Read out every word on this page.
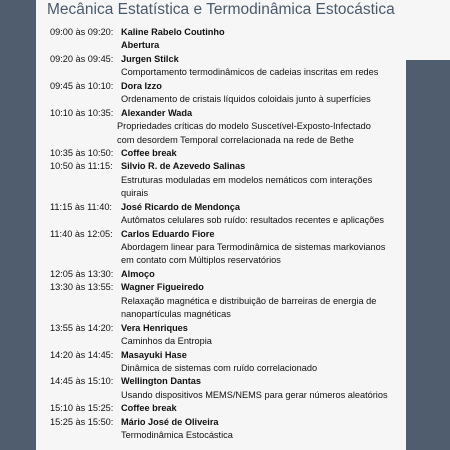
Mecânica Estatística e Termodinâmica Estocástica
09:00 às 09:20: Kaline Rabelo Coutinho
Abertura
09:20 às 09:45: Jurgen Stilck
Comportamento termodinâmicos de cadeias inscritas em redes
09:45 às 10:10: Dora Izzo
Ordenamento de cristais líquidos coloidais junto à superfícies
10:10 às 10:35: Alexander Wada
Propriedades críticas do modelo Suscetível-Exposto-Infectado
com desordem Temporal correlacionada na rede de Bethe
10:35 às 10:50: Coffee break
10:50 às 11:15: Silvio R. de Azevedo Salinas
Estruturas moduladas em modelos nemáticos com interações
quirais
11:15 às 11:40: José Ricardo de Mendonça
Autômatos celulares sob ruído: resultados recentes e aplicações
11:40 às 12:05: Carlos Eduardo Fiore
Abordagem linear para Termodinâmica de sistemas markovianos
em contato com Múltiplos reservatórios
12:05 às 13:30: Almoço
13:30 às 13:55: Wagner Figueiredo
Relaxação magnética e distribuição de barreiras de energia de
nanopartículas magnéticas
13:55 às 14:20: Vera Henriques
Caminhos da Entropia
14:20 às 14:45: Masayuki Hase
Dinâmica de sistemas com ruído correlacionado
14:45 às 15:10: Wellington Dantas
Usando dispositivos MEMS/NEMS para gerar números aleatórios
15:10 às 15:25: Coffee break
15:25 às 15:50: Mário José de Oliveira
Termodinâmica Estocástica
